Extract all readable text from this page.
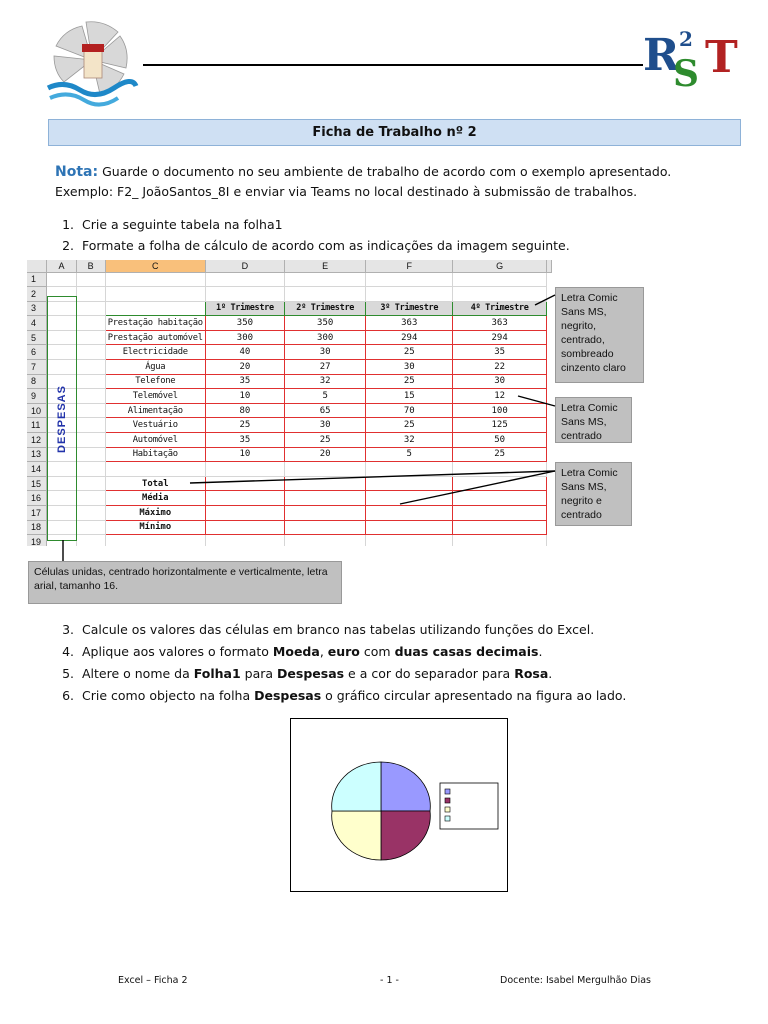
R 2
S T
Ficha de Trabalho nº 2
Nota: Guarde o documento no seu ambiente de trabalho de acordo com o exemplo apresentado.
Exemplo: F2_ JoãoSantos_8I e enviar via Teams no local destinado à submissão de trabalhos.
1. Crie a seguinte tabela na folha1
2. Formate a folha de cálculo de acordo com as indicações da imagem seguinte.
	A	B	C	D	E	F	G	
1								
2								
3				1º Trimestre	2º Trimestre	3º Trimestre	4º Trimestre	
4			Prestação habitação	350	350	363	363	
5			Prestação automóvel	300	300	294	294	
6			Electricidade	40	30	25	35	
7			Água	20	27	30	22	
8			Telefone	35	32	25	30	
9			Telemóvel	10	5	15	12	
10			Alimentação	80	65	70	100	
11			Vestuário	25	30	25	125	
12			Automóvel	35	25	32	50	
13			Habitação	10	20	5	25	
14								
15			Total					
16			Média					
17			Máximo					
18			Mínimo					
19								
DESPESAS
Letra Comic Sans MS, negrito, centrado, sombreado cinzento claro
Letra Comic Sans MS, centrado
Letra Comic Sans MS, negrito e centrado
Células unidas, centrado horizontalmente e verticalmente, letra arial, tamanho 16.
3. Calcule os valores das células em branco nas tabelas utilizando funções do Excel.
4. Aplique aos valores o formato Moeda, euro com duas casas decimais.
5. Altere o nome da Folha1 para Despesas e a cor do separador para Rosa.
6. Crie como objecto na folha Despesas o gráfico circular apresentado na figura ao lado.
Excel – Ficha 2	- 1 -	Docente: Isabel Mergulhão Dias
